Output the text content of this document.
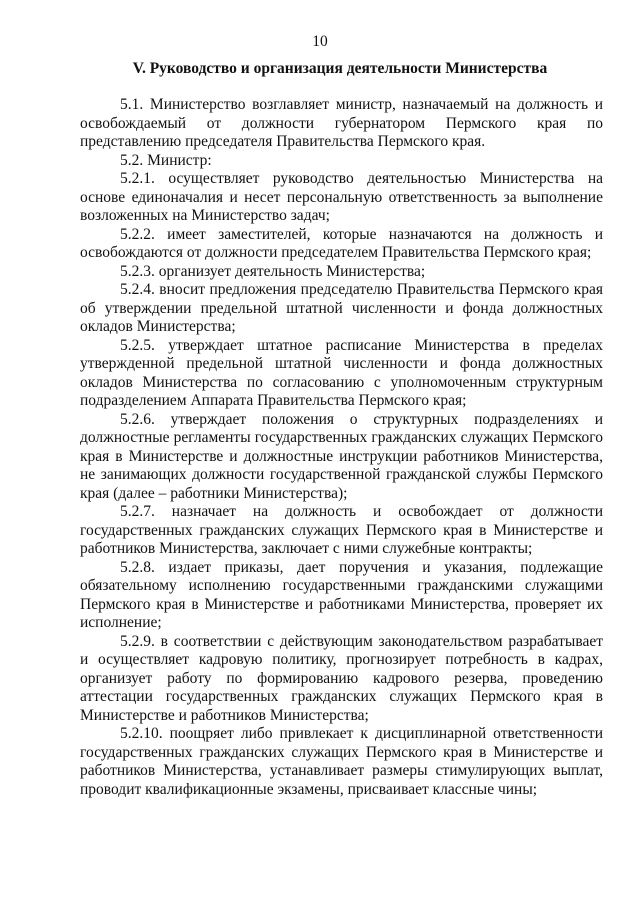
10
V. Руководство и организация деятельности Министерства

5.1. Министерство возглавляет министр, назначаемый на должность и освобождаемый от должности губернатором Пермского края по представлению председателя Правительства Пермского края.

5.2. Министр:

5.2.1. осуществляет руководство деятельностью Министерства на основе единоначалия и несет персональную ответственность за выполнение возложенных на Министерство задач;

5.2.2. имеет заместителей, которые назначаются на должность и освобождаются от должности председателем Правительства Пермского края;

5.2.3. организует деятельность Министерства;

5.2.4. вносит предложения председателю Правительства Пермского края об утверждении предельной штатной численности и фонда должностных окладов Министерства;

5.2.5. утверждает штатное расписание Министерства в пределах утвержденной предельной штатной численности и фонда должностных окладов Министерства по согласованию с уполномоченным структурным подразделением Аппарата Правительства Пермского края;

5.2.6. утверждает положения о структурных подразделениях и должностные регламенты государственных гражданских служащих Пермского края в Министерстве и должностные инструкции работников Министерства, не занимающих должности государственной гражданской службы Пермского края (далее – работники Министерства);

5.2.7. назначает на должность и освобождает от должности государственных гражданских служащих Пермского края в Министерстве и работников Министерства, заключает с ними служебные контракты;

5.2.8. издает приказы, дает поручения и указания, подлежащие обязательному исполнению государственными гражданскими служащими Пермского края в Министерстве и работниками Министерства, проверяет их исполнение;

5.2.9. в соответствии с действующим законодательством разрабатывает и осуществляет кадровую политику, прогнозирует потребность в кадрах, организует работу по формированию кадрового резерва, проведению аттестации государственных гражданских служащих Пермского края в Министерстве и работников Министерства;

5.2.10. поощряет либо привлекает к дисциплинарной ответственности государственных гражданских служащих Пермского края в Министерстве и работников Министерства, устанавливает размеры стимулирующих выплат, проводит квалификационные экзамены, присваивает классные чины;
